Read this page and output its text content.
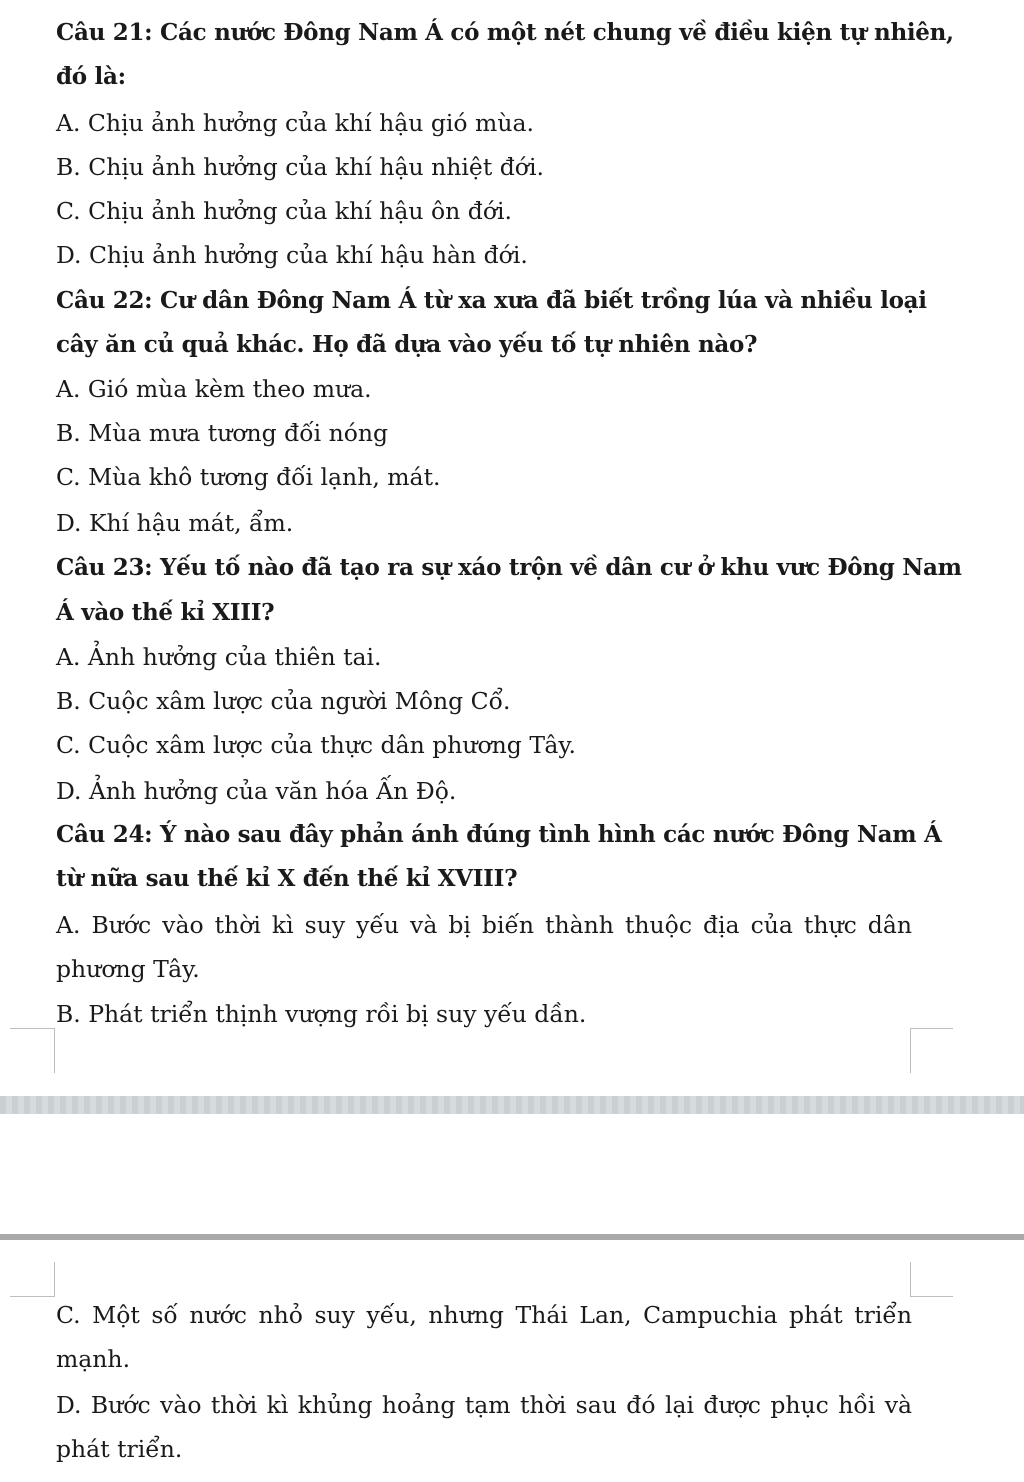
Câu 21: Các nước Đông Nam Á có một nét chung về điều kiện tự nhiên,

đó là:

A. Chịu ảnh hưởng của khí hậu gió mùa.

B. Chịu ảnh hưởng của khí hậu nhiệt đới.

C. Chịu ảnh hưởng của khí hậu ôn đới.

D. Chịu ảnh hưởng của khí hậu hàn đới.

Câu 22: Cư dân Đông Nam Á từ xa xưa đã biết trồng lúa và nhiều loại

cây ăn củ quả khác. Họ đã dựa vào yếu tố tự nhiên nào?

A. Gió mùa kèm theo mưa.

B. Mùa mưa tương đối nóng

C. Mùa khô tương đối lạnh, mát.

D. Khí hậu mát, ẩm.

Câu 23: Yếu tố nào đã tạo ra sự xáo trộn về dân cư ở khu vưc Đông Nam

Á vào thế kỉ XIII?

A. Ảnh hưởng của thiên tai.

B. Cuộc xâm lược của người Mông Cổ.

C. Cuộc xâm lược của thực dân phương Tây.

D. Ảnh hưởng của văn hóa Ấn Độ.

Câu 24: Ý nào sau đây phản ánh đúng tình hình các nước Đông Nam Á

từ nữa sau thế kỉ X đến thế kỉ XVIII?

A. Bước vào thời kì suy yếu và bị biến thành thuộc địa của thực dân

phương Tây.

B. Phát triển thịnh vượng rồi bị suy yếu dần.

C. Một số nước nhỏ suy yếu, nhưng Thái Lan, Campuchia phát triển

mạnh.

D. Bước vào thời kì khủng hoảng tạm thời sau đó lại được phục hồi và

phát triển.
